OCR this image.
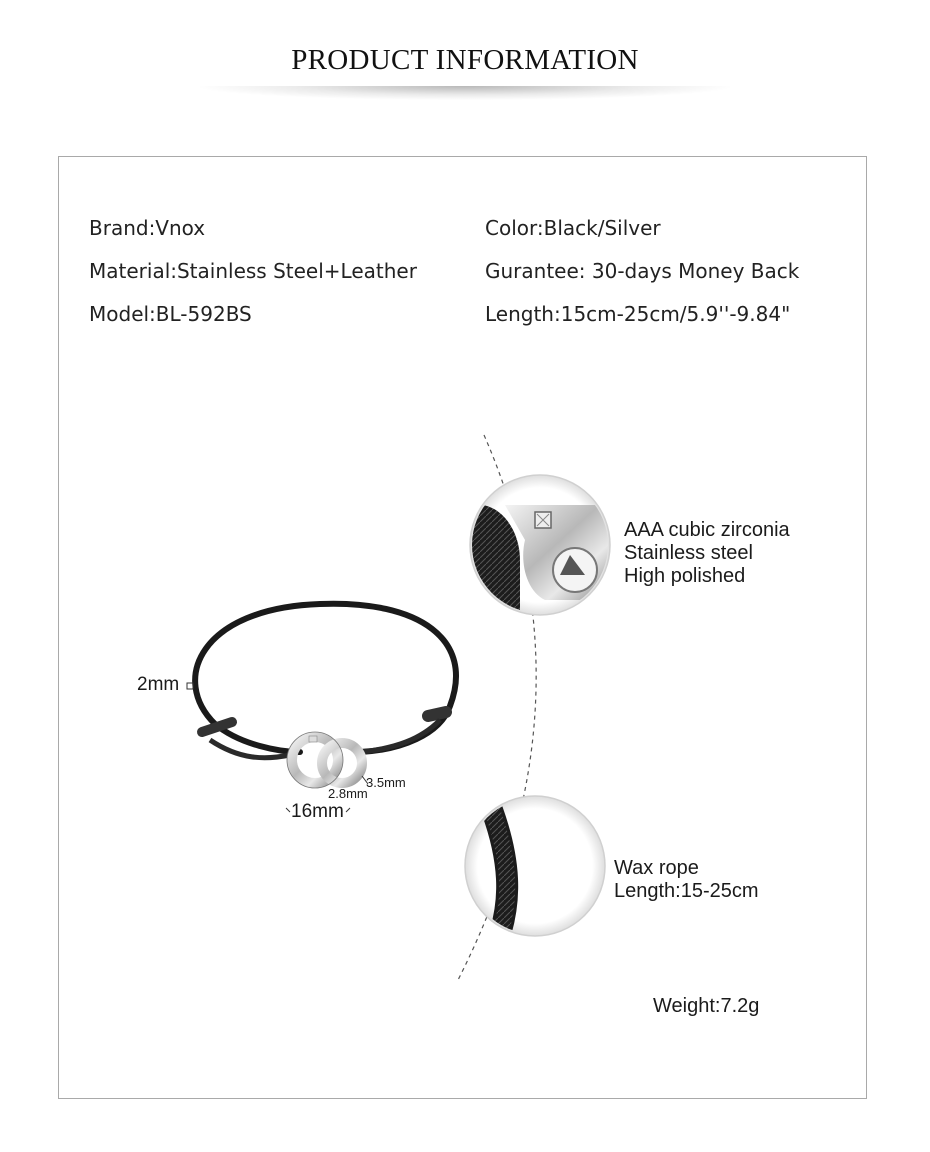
PRODUCT INFORMATION
Brand:Vnox
Material:Stainless Steel+Leather
Model:BL-592BS
Color:Black/Silver
Gurantee: 30-days Money Back
Length:15cm-25cm/5.9''-9.84"
2mm
16mm
2.8mm
3.5mm
AAA cubic zirconia
Stainless steel
High polished
Wax rope
Length:15-25cm
Weight:7.2g
